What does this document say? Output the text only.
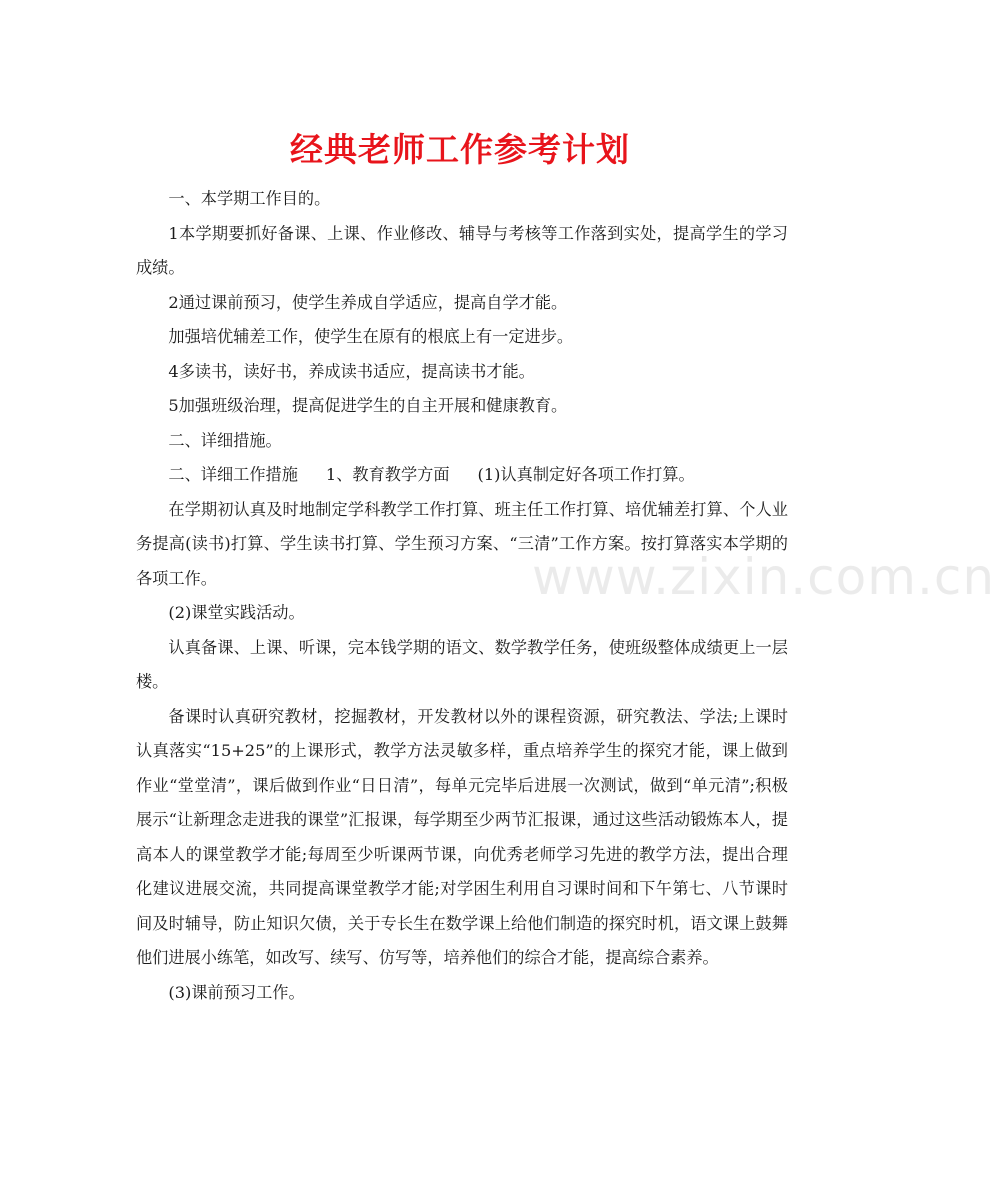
经典老师工作参考计划

一、本学期工作目的。

1本学期要抓好备课、上课、作业修改、辅导与考核等工作落到实处，提高学生的学习成绩。

2通过课前预习，使学生养成自学适应，提高自学才能。

加强培优辅差工作，使学生在原有的根底上有一定进步。

4多读书，读好书，养成读书适应，提高读书才能。

5加强班级治理，提高促进学生的自主开展和健康教育。

二、详细措施。

二、详细工作措施 1、教育教学方面 (1)认真制定好各项工作打算。

在学期初认真及时地制定学科教学工作打算、班主任工作打算、培优辅差打算、个人业务提高(读书)打算、学生读书打算、学生预习方案、“三清”工作方案。按打算落实本学期的各项工作。

(2)课堂实践活动。

认真备课、上课、听课，完本钱学期的语文、数学教学任务，使班级整体成绩更上一层楼。

备课时认真研究教材，挖掘教材，开发教材以外的课程资源，研究教法、学法;上课时认真落实“15+25”的上课形式，教学方法灵敏多样，重点培养学生的探究才能，课上做到作业“堂堂清”，课后做到作业“日日清”，每单元完毕后进展一次测试，做到“单元清”;积极展示“让新理念走进我的课堂”汇报课，每学期至少两节汇报课，通过这些活动锻炼本人，提高本人的课堂教学才能;每周至少听课两节课，向优秀老师学习先进的教学方法，提出合理化建议进展交流，共同提高课堂教学才能;对学困生利用自习课时间和下午第七、八节课时间及时辅导，防止知识欠债，关于专长生在数学课上给他们制造的探究时机，语文课上鼓舞他们进展小练笔，如改写、续写、仿写等，培养他们的综合才能，提高综合素养。

(3)课前预习工作。

www.zixin.com.cn
